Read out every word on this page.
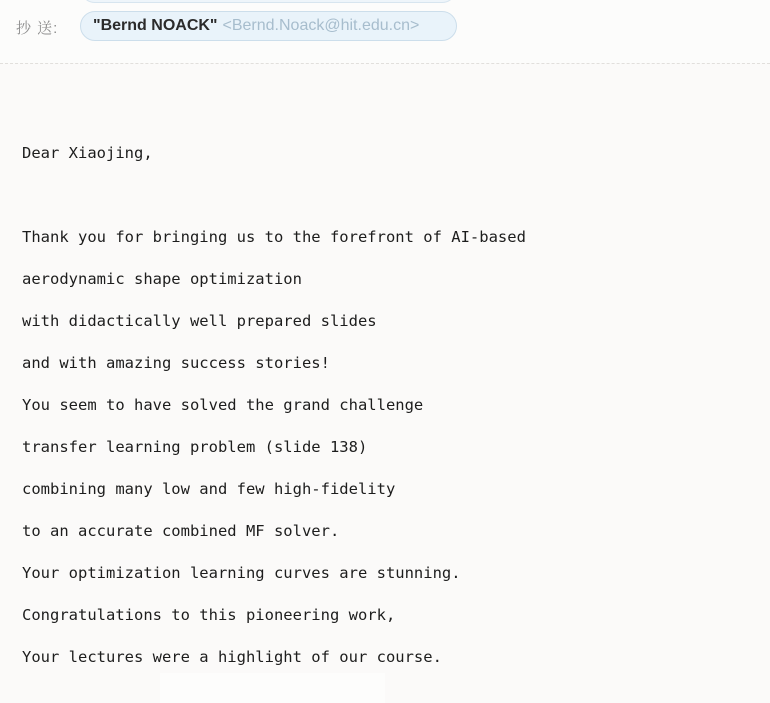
抄 送: "Bernd NOACK" <Bernd.Noack@hit.edu.cn>
Dear Xiaojing,
Thank you for bringing us to the forefront of AI-based
aerodynamic shape optimization
with didactically well prepared slides
and with amazing success stories!
You seem to have solved the grand challenge
transfer learning problem (slide 138)
combining many low and few high-fidelity
to an accurate combined MF solver.
Your optimization learning curves are stunning.
Congratulations to this pioneering work,
Your lectures were a highlight of our course.
